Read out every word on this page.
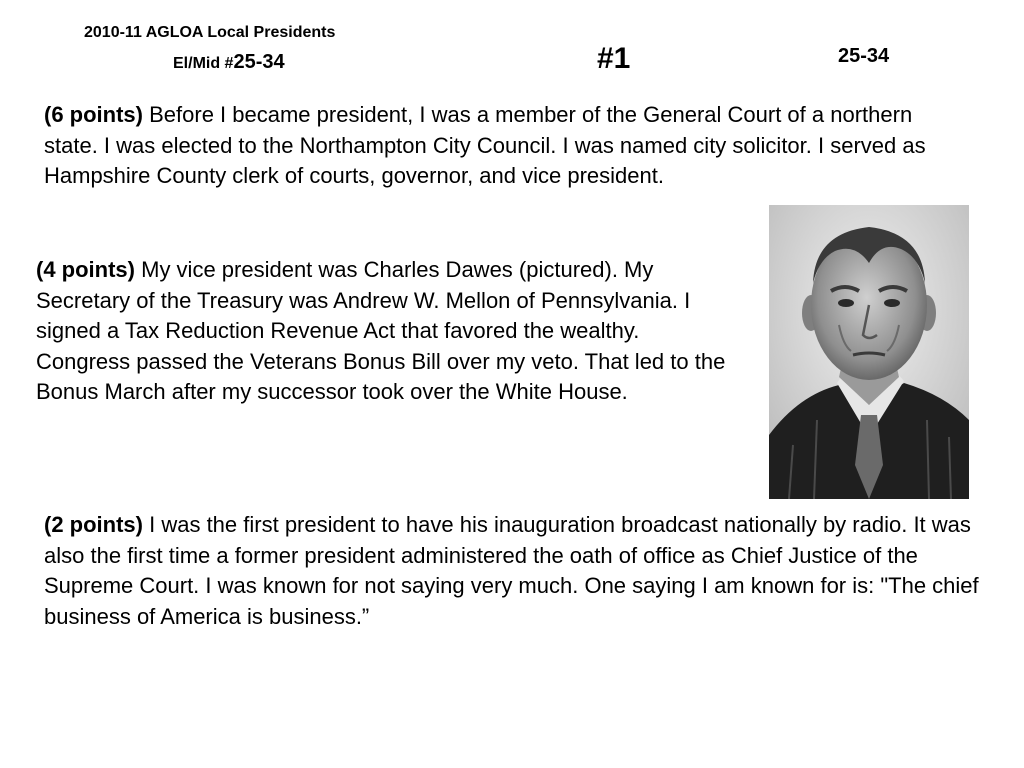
2010-11 AGLOA Local Presidents
El/Mid #25-34	#1	25-34
(6 points) Before I became president, I was a member of the General Court of a northern state. I was elected to the Northampton City Council. I was named city solicitor. I served as Hampshire County clerk of courts, governor, and vice president.
(4 points) My vice president was Charles Dawes (pictured). My Secretary of the Treasury was Andrew W. Mellon of Pennsylvania. I signed a Tax Reduction Revenue Act that favored the wealthy. Congress passed the Veterans Bonus Bill over my veto. That led to the Bonus March after my successor took over the White House.
(2 points) I was the first president to have his inauguration broadcast nationally by radio. It was also the first time a former president administered the oath of office as Chief Justice of the Supreme Court. I was known for not saying very much. One saying I am known for is: "The chief business of America is business.”
